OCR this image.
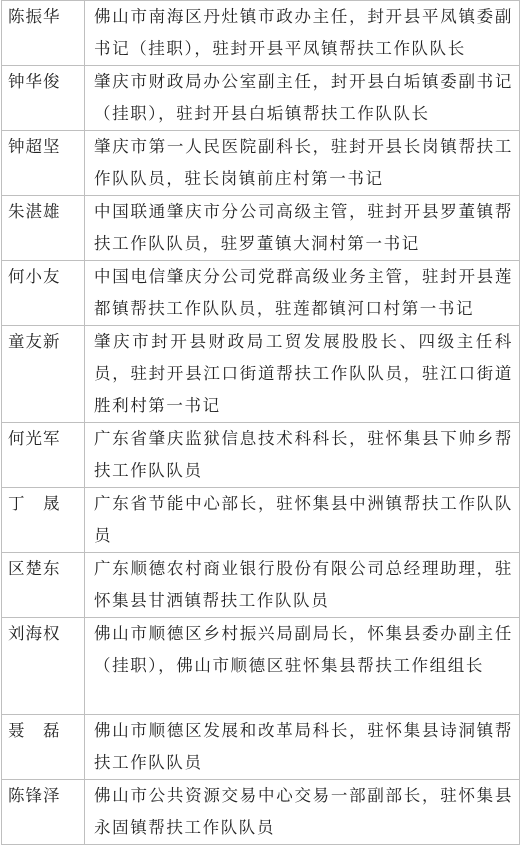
陈振华	佛山市南海区丹灶镇市政办主任，封开县平凤镇委副书记（挂职），驻封开县平凤镇帮扶工作队队长
钟华俊	肇庆市财政局办公室副主任，封开县白垢镇委副书记（挂职），驻封开县白垢镇帮扶工作队队长
钟超坚	肇庆市第一人民医院副科长，驻封开县长岗镇帮扶工作队队员，驻长岗镇前庄村第一书记
朱湛雄	中国联通肇庆市分公司高级主管，驻封开县罗董镇帮扶工作队队员，驻罗董镇大洞村第一书记
何小友	中国电信肇庆分公司党群高级业务主管，驻封开县莲都镇帮扶工作队队员，驻莲都镇河口村第一书记
童友新	肇庆市封开县财政局工贸发展股股长、四级主任科员，驻封开县江口街道帮扶工作队队员，驻江口街道胜利村第一书记
何光军	广东省肇庆监狱信息技术科科长，驻怀集县下帅乡帮扶工作队队员
丁　晟	广东省节能中心部长，驻怀集县中洲镇帮扶工作队队员
区楚东	广东顺德农村商业银行股份有限公司总经理助理，驻怀集县甘洒镇帮扶工作队队员
刘海权	佛山市顺德区乡村振兴局副局长，怀集县委办副主任（挂职），佛山市顺德区驻怀集县帮扶工作组组长
聂　磊	佛山市顺德区发展和改革局科长，驻怀集县诗洞镇帮扶工作队队员
陈锋泽	佛山市公共资源交易中心交易一部副部长，驻怀集县永固镇帮扶工作队队员
